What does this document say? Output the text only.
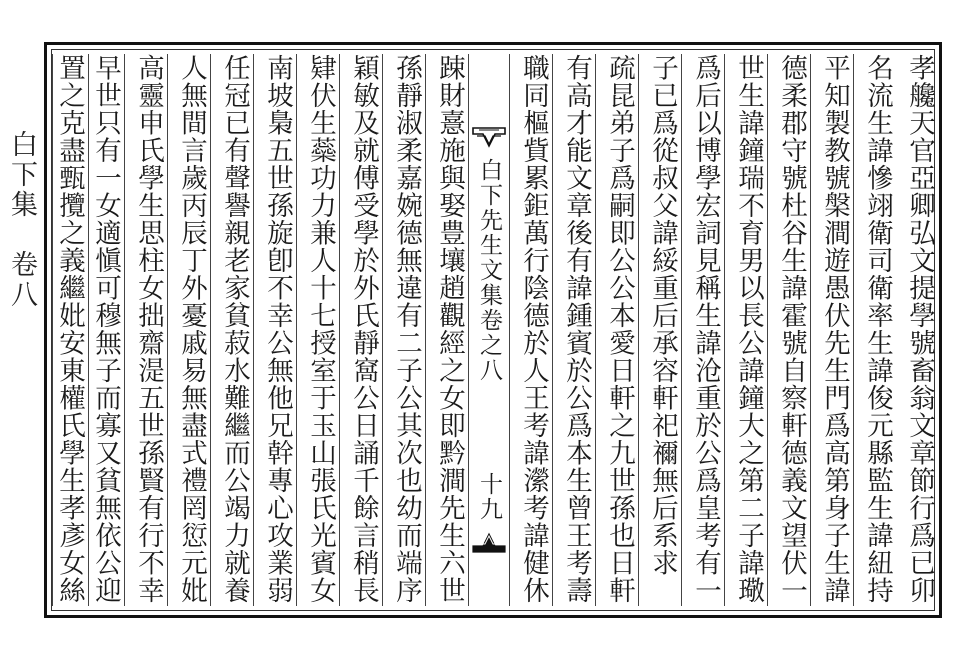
白下集　卷八	孝艬天官亞卿弘文提學號畜翁文章節行爲已卯
名流生諱慘翊衛司衛率生諱俊元縣監生諱紐持
平知製教號槃澗遊愚伏先生門爲高第身子生諱
德柔郡守號杜谷生諱霍號自察軒德義文望伏一
世生諱鐘瑞不育男以長公諱鐘大之第二子諱璥
爲后以博學宏詞見稱生諱沧重於公爲皇考有一
子已爲從叔父諱綏重后承容軒祀禰無后系求
疏昆弟子爲嗣即公公本愛日軒之九世孫也日軒
有高才能文章後有諱鍾賓於公爲本生曾王考壽
職同樞貲累鉅萬行陰德於人王考諱瀠考諱健休
白下先生文集卷之八
十九
踈財憙施與娶豊壤趙觀經之女即黔澗先生六世
孫靜淑柔嘉婉德無違有二子公其次也幼而端序
穎敏及就傅受學於外氏靜窩公日誦千餘言稍長
肄伏生蘂功力兼人十七授室于玉山張氏光賓女
南坡梟五世孫旋卽不幸公無他兄幹專心攻業弱
任冠已有聲譽親老家貧菽水難繼而公竭力就養
人無間言歲丙辰丁外憂戚易無盡式禮罔愆元妣
高靈申氏學生思柱女拙齋湜五世孫賢有行不幸
早世只有一女適愼可穆無子而寡又貧無依公迎
置之克盡甄攬之義繼妣安東權氏學生孝彥女絲
